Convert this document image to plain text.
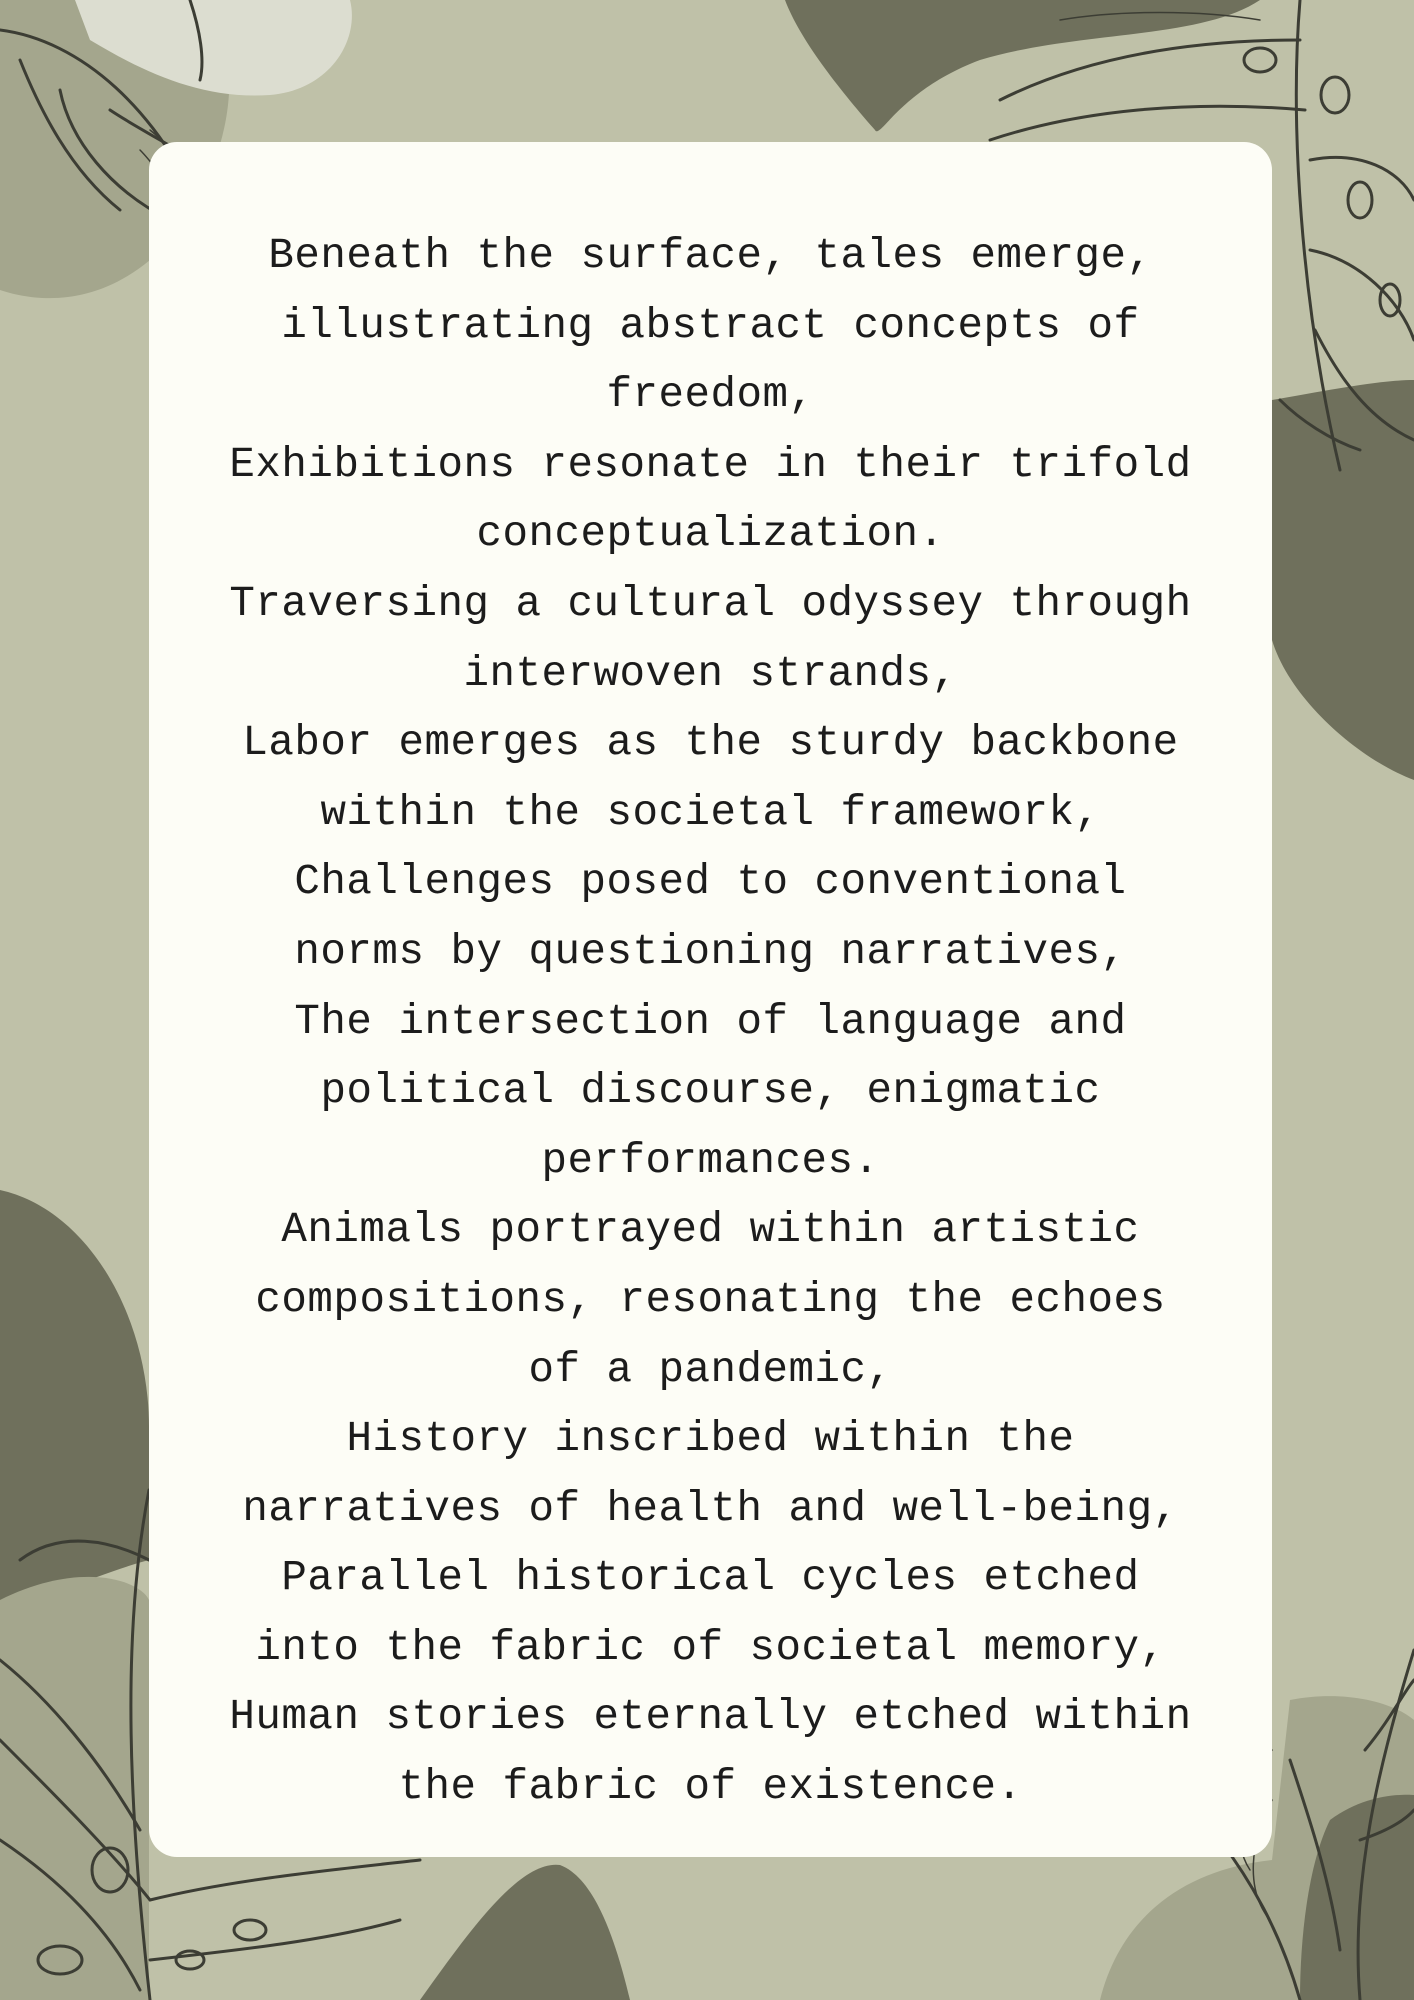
Beneath the surface, tales emerge,
illustrating abstract concepts of
freedom,
Exhibitions resonate in their trifold
conceptualization.
Traversing a cultural odyssey through
interwoven strands,
Labor emerges as the sturdy backbone
within the societal framework,
Challenges posed to conventional
norms by questioning narratives,
The intersection of language and
political discourse, enigmatic
performances.
Animals portrayed within artistic
compositions, resonating the echoes
of a pandemic,
History inscribed within the
narratives of health and well-being,
Parallel historical cycles etched
into the fabric of societal memory,
Human stories eternally etched within
the fabric of existence.
